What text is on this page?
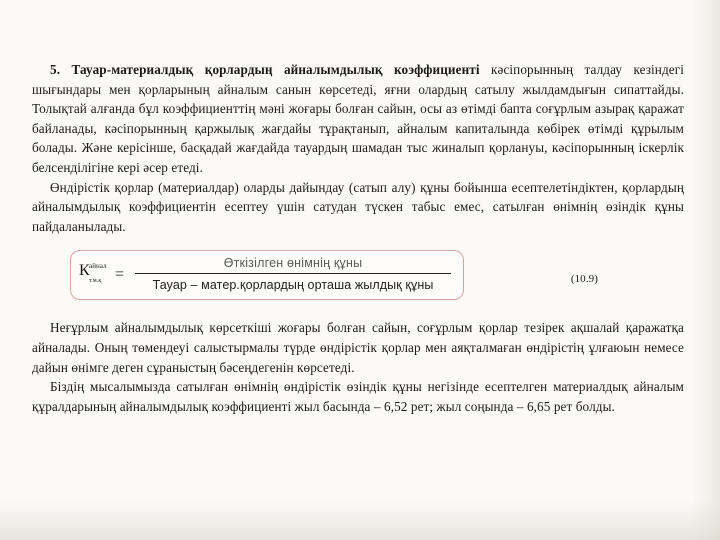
5. Тауар-материалдық қорлардың айналымдылық коэффициенті кәсіпорынның талдау кезіндегі шығындары мен қорларының айналым санын көрсетеді, яғни олардың сатылу жылдамдығын сипаттайды. Толықтай алғанда бұл коэффициенттің мәні жоғары болған сайын, осы аз өтімді бапта соғұрлым азырақ қаражат байланады, кәсіпорынның қаржылық жағдайы тұрақтанып, айналым капиталында көбірек өтімді құрылым болады. Және керісінше, басқадай жағдайда тауардың шамадан тыс жиналып қорлануы, кәсіпорынның іскерлік белсенділігіне кері әсер етеді.

Өндірістік қорлар (материалдар) оларды дайындау (сатып алу) құны бойынша есептелетіндіктен, қорлардың айналымдылық коэффициентін есептеу үшін сатудан түскен табыс емес, сатылған өнімнің өзіндік құны пайдаланылады.

К айнал
т.м.қ =
Өткізілген өнімнің құны
Тауар – матер.қорлардың орташа жылдық құны	(10.9)

Неғұрлым айналымдылық көрсеткіші жоғары болған сайын, соғұрлым қорлар тезірек ақшалай қаражатқа айналады. Оның төмендеуі салыстырмалы түрде өндірістік қорлар мен аяқталмаған өндірістің ұлғаюын немесе дайын өнімге деген сұраныстың бәсеңдегенін көрсетеді.

Біздің мысалымызда сатылған өнімнің өндірістік өзіндік құны негізінде есептелген материалдық айналым құралдарының айналымдылық коэффициенті жыл басында – 6,52 рет; жыл соңында – 6,65 рет болды.
